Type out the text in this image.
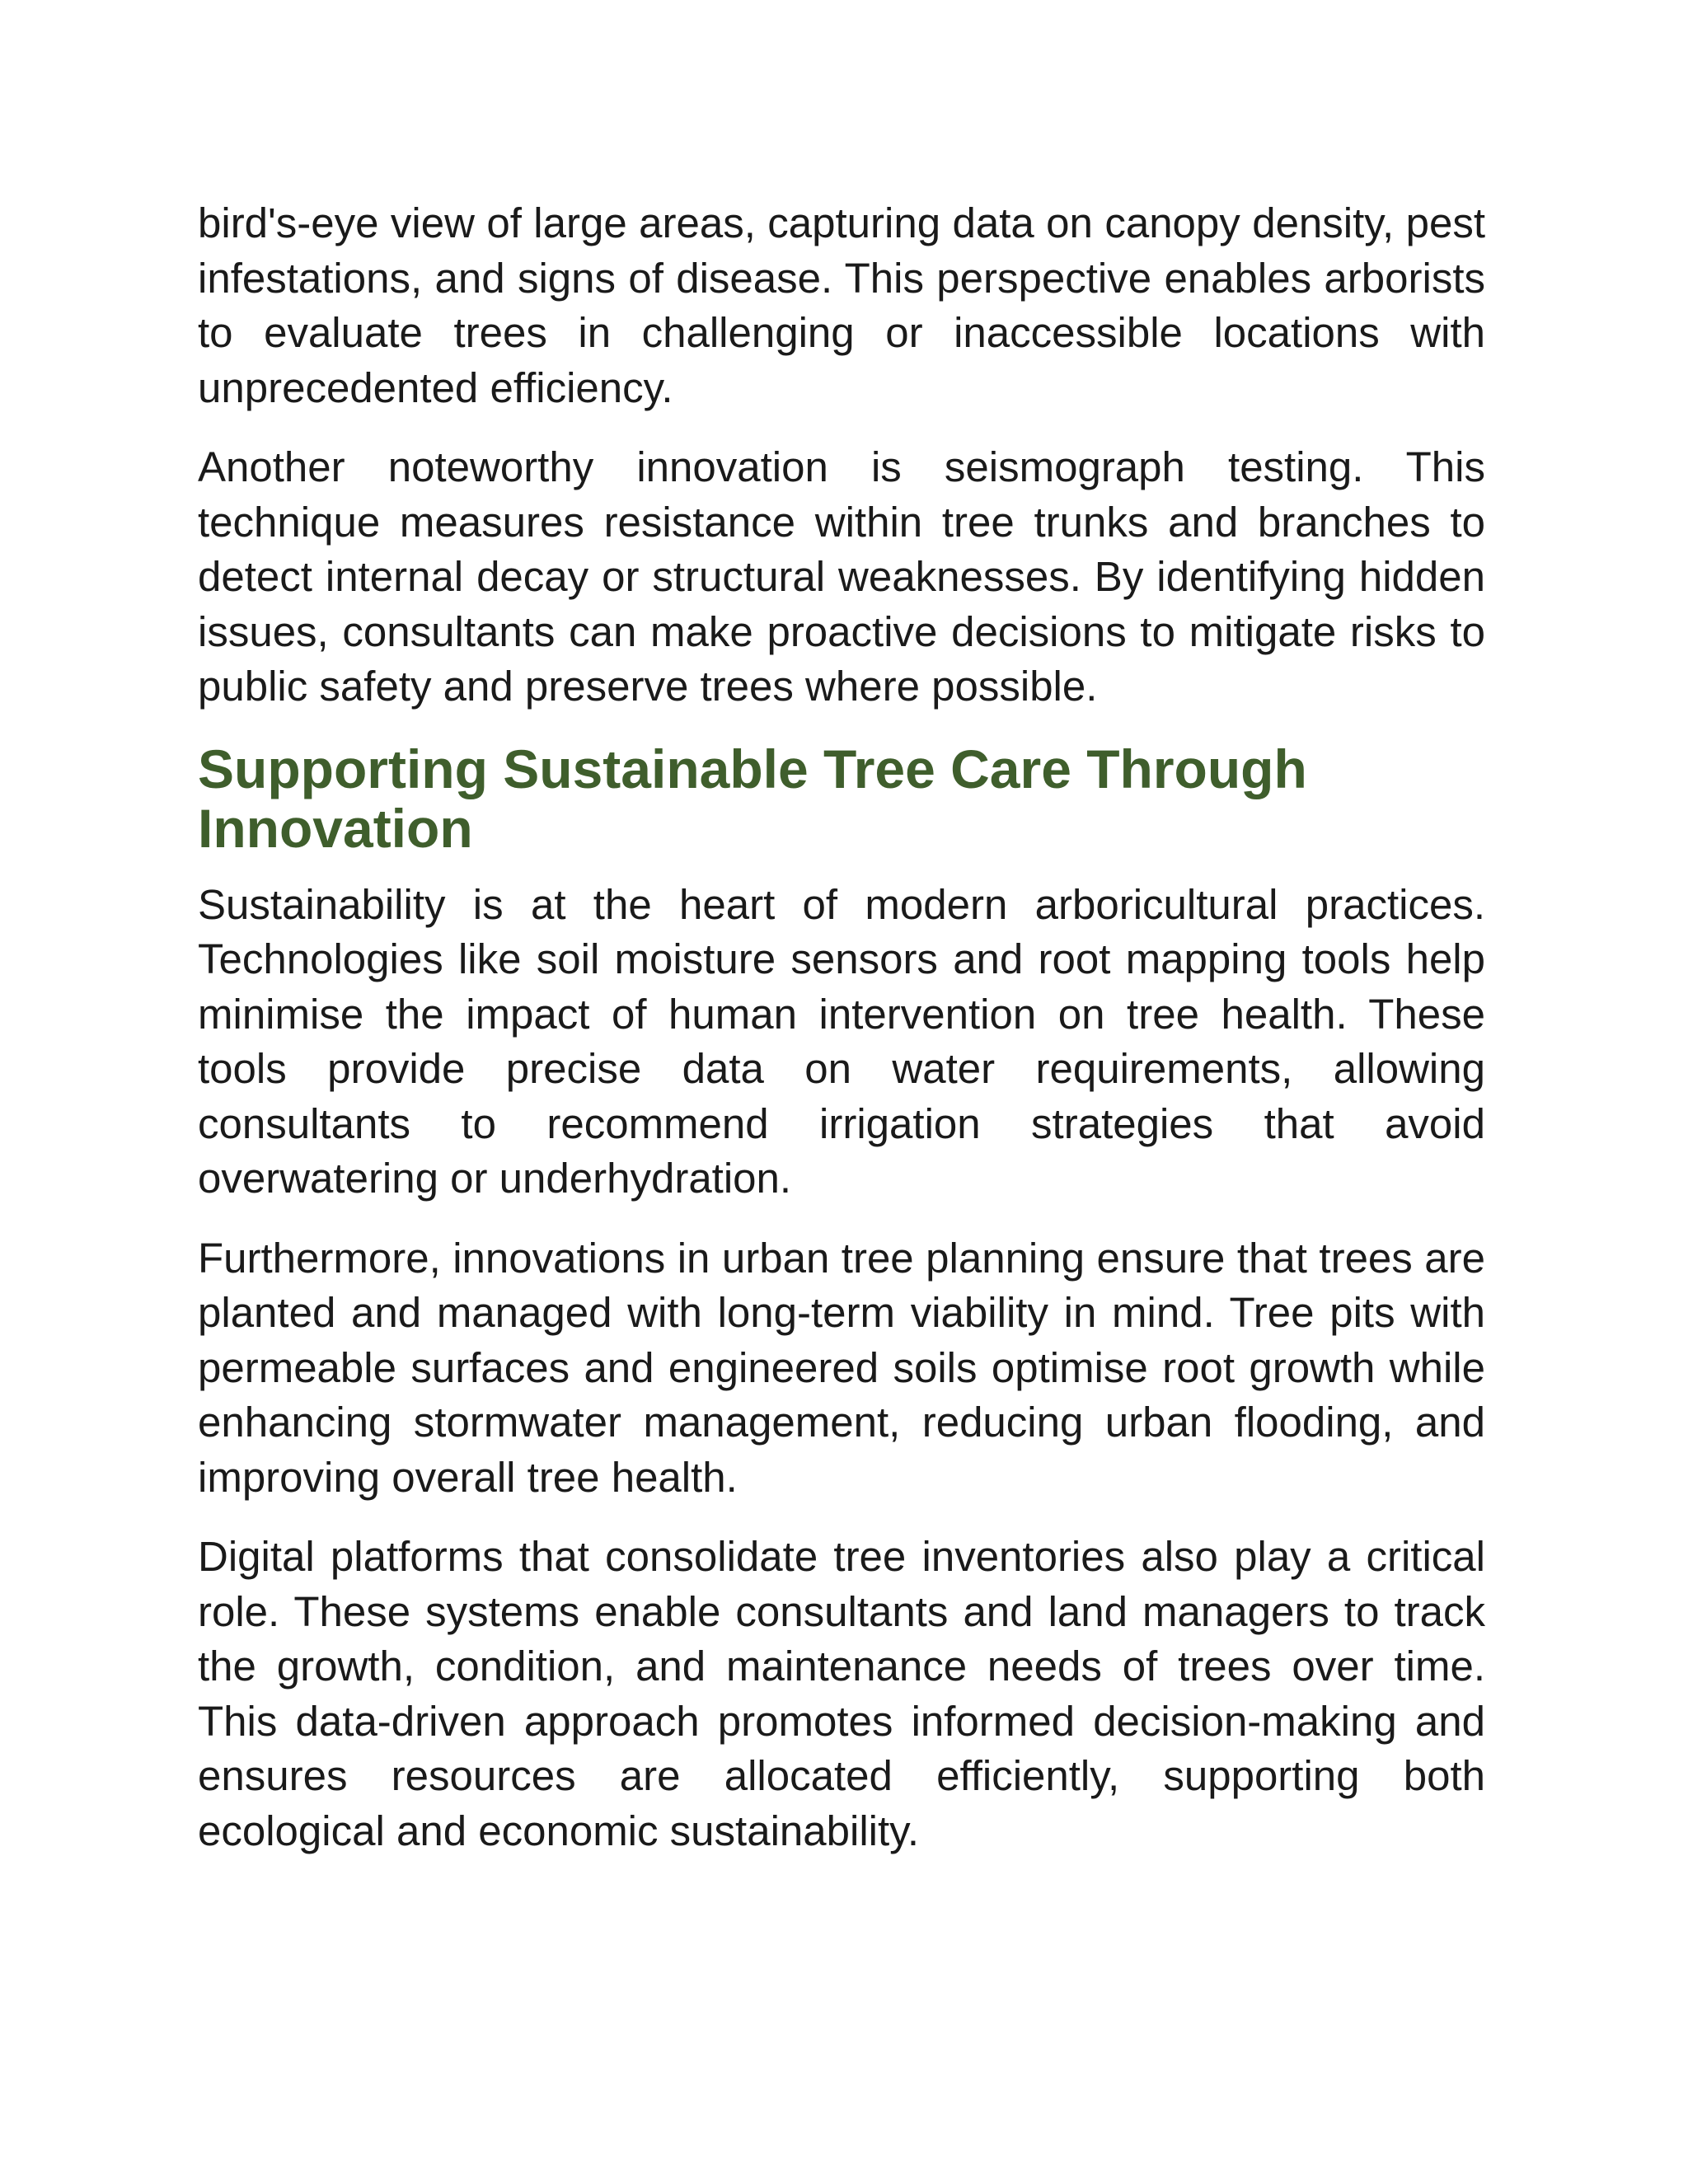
bird's-eye view of large areas, capturing data on canopy density, pest infestations, and signs of disease. This perspective enables arborists to evaluate trees in challenging or inaccessible locations with unprecedented efficiency.

Another noteworthy innovation is seismograph testing. This technique measures resistance within tree trunks and branches to detect internal decay or structural weaknesses. By identifying hidden issues, consultants can make proactive decisions to mitigate risks to public safety and preserve trees where possible.

Supporting Sustainable Tree Care Through Innovation

Sustainability is at the heart of modern arboricultural practices. Technologies like soil moisture sensors and root mapping tools help minimise the impact of human intervention on tree health. These tools provide precise data on water requirements, allowing consultants to recommend irrigation strategies that avoid overwatering or underhydration.

Furthermore, innovations in urban tree planning ensure that trees are planted and managed with long-term viability in mind. Tree pits with permeable surfaces and engineered soils optimise root growth while enhancing stormwater management, reducing urban flooding, and improving overall tree health.

Digital platforms that consolidate tree inventories also play a critical role. These systems enable consultants and land managers to track the growth, condition, and maintenance needs of trees over time. This data-driven approach promotes informed decision-making and ensures resources are allocated efficiently, supporting both ecological and economic sustainability.
